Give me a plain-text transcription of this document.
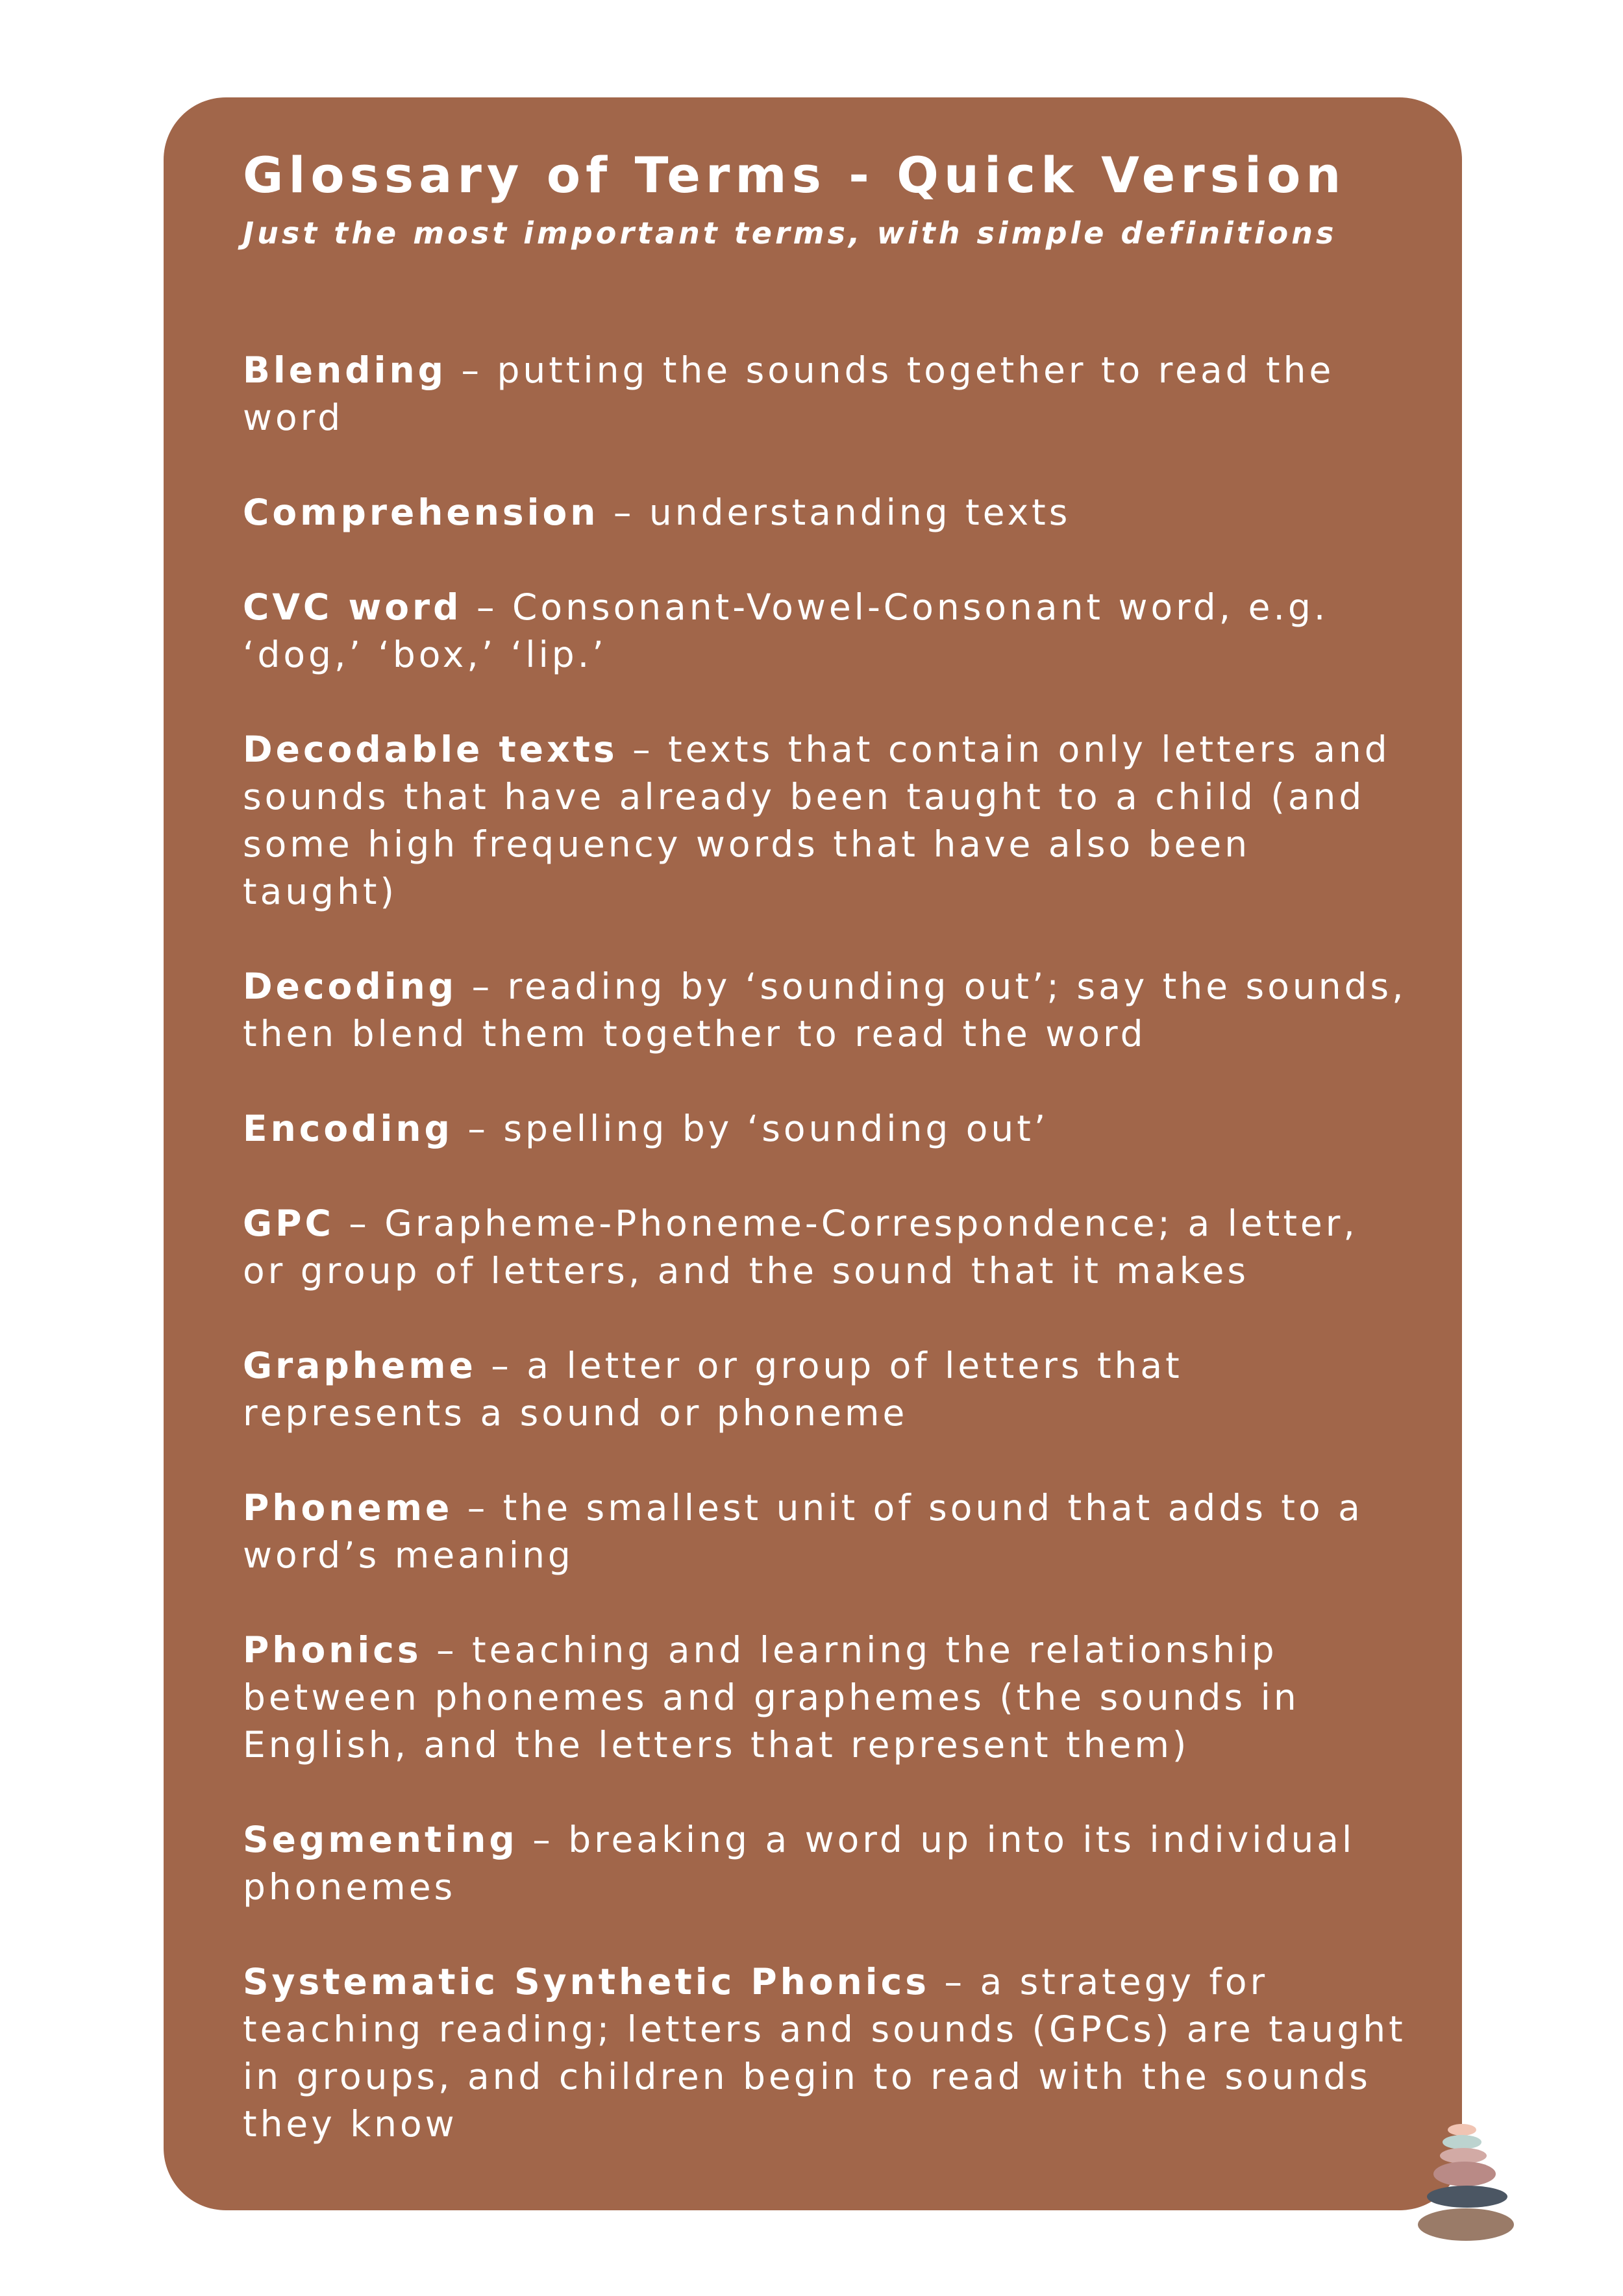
Glossary of Terms - Quick Version

Just the most important terms, with simple definitions

Blending – putting the sounds together to read the word
Comprehension – understanding texts
CVC word – Consonant-Vowel-Consonant word, e.g. ‘dog,’ ‘box,’ ‘lip.’
Decodable texts – texts that contain only letters and sounds that have already been taught to a child (and some high frequency words that have also been taught)
Decoding – reading by ‘sounding out’; say the sounds, then blend them together to read the word
Encoding – spelling by ‘sounding out’
GPC – Grapheme-Phoneme-Correspondence; a letter, or group of letters, and the sound that it makes
Grapheme – a letter or group of letters that represents a sound or phoneme
Phoneme – the smallest unit of sound that adds to a word’s meaning
Phonics – teaching and learning the relationship between phonemes and graphemes (the sounds in English, and the letters that represent them)
Segmenting – breaking a word up into its individual phonemes
Systematic Synthetic Phonics – a strategy for teaching reading; letters and sounds (GPCs) are taught in groups, and children begin to read with the sounds they know
